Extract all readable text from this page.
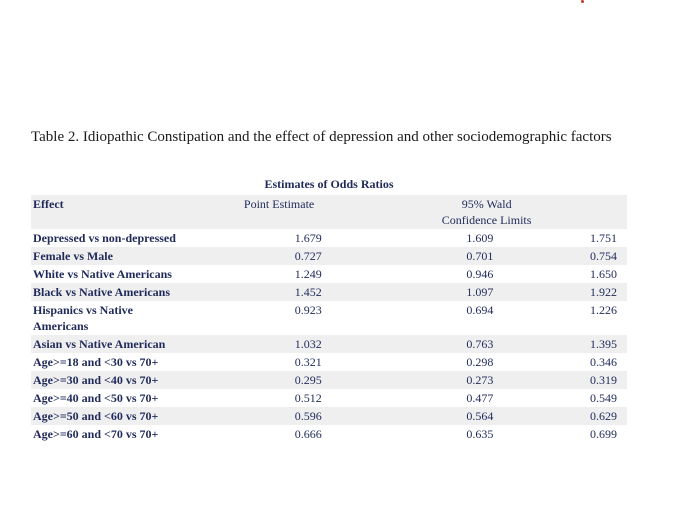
Table 2. Idiopathic Constipation and the effect of depression and other sociodemographic factors
Estimates of Odds Ratios
Effect	Point Estimate	95% Wald
Confidence Limits	

Depressed vs non-depressed	1.679	1.609	1.751
Female vs Male	0.727	0.701	0.754
White vs Native Americans	1.249	0.946	1.650
Black vs Native Americans	1.452	1.097	1.922
Hispanics vs Native Americans	0.923	0.694	1.226
Asian vs Native American	1.032	0.763	1.395
Age>=18 and <30 vs 70+	0.321	0.298	0.346
Age>=30 and <40 vs 70+	0.295	0.273	0.319
Age>=40 and <50 vs 70+	0.512	0.477	0.549
Age>=50 and <60 vs 70+	0.596	0.564	0.629
Age>=60 and <70 vs 70+	0.666	0.635	0.699
